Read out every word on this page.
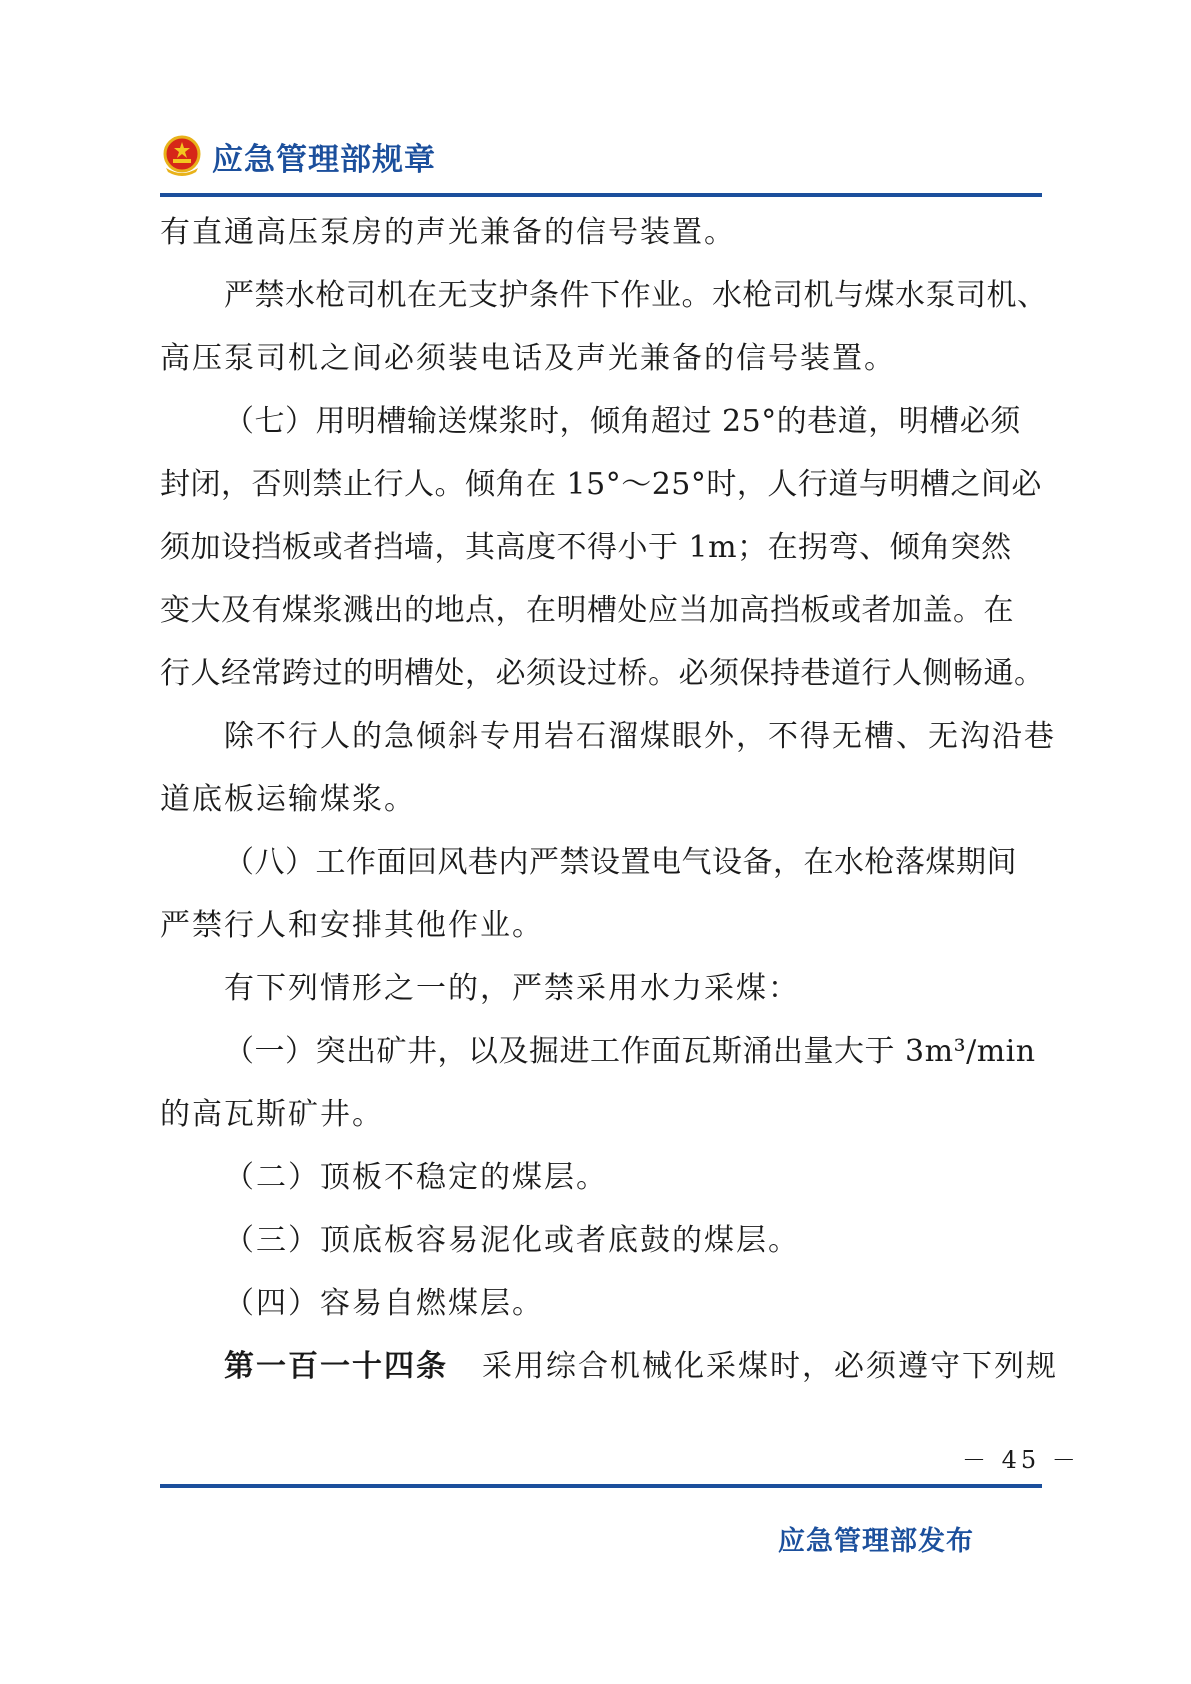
应急管理部规章
有直通高压泵房的声光兼备的信号装置。
严禁水枪司机在无支护条件下作业。水枪司机与煤水泵司机、
高压泵司机之间必须装电话及声光兼备的信号装置。
（七）用明槽输送煤浆时，倾角超过 25°的巷道，明槽必须
封闭，否则禁止行人。倾角在 15°～25°时，人行道与明槽之间必
须加设挡板或者挡墙，其高度不得小于 1m；在拐弯、倾角突然
变大及有煤浆溅出的地点，在明槽处应当加高挡板或者加盖。在
行人经常跨过的明槽处，必须设过桥。必须保持巷道行人侧畅通。
除不行人的急倾斜专用岩石溜煤眼外，不得无槽、无沟沿巷
道底板运输煤浆。
（八）工作面回风巷内严禁设置电气设备，在水枪落煤期间
严禁行人和安排其他作业。
有下列情形之一的，严禁采用水力采煤：
（一）突出矿井，以及掘进工作面瓦斯涌出量大于 3m³/min
的高瓦斯矿井。
（二）顶板不稳定的煤层。
（三）顶底板容易泥化或者底鼓的煤层。
（四）容易自燃煤层。
第一百一十四条 采用综合机械化采煤时，必须遵守下列规
－ 45 －
应急管理部发布
